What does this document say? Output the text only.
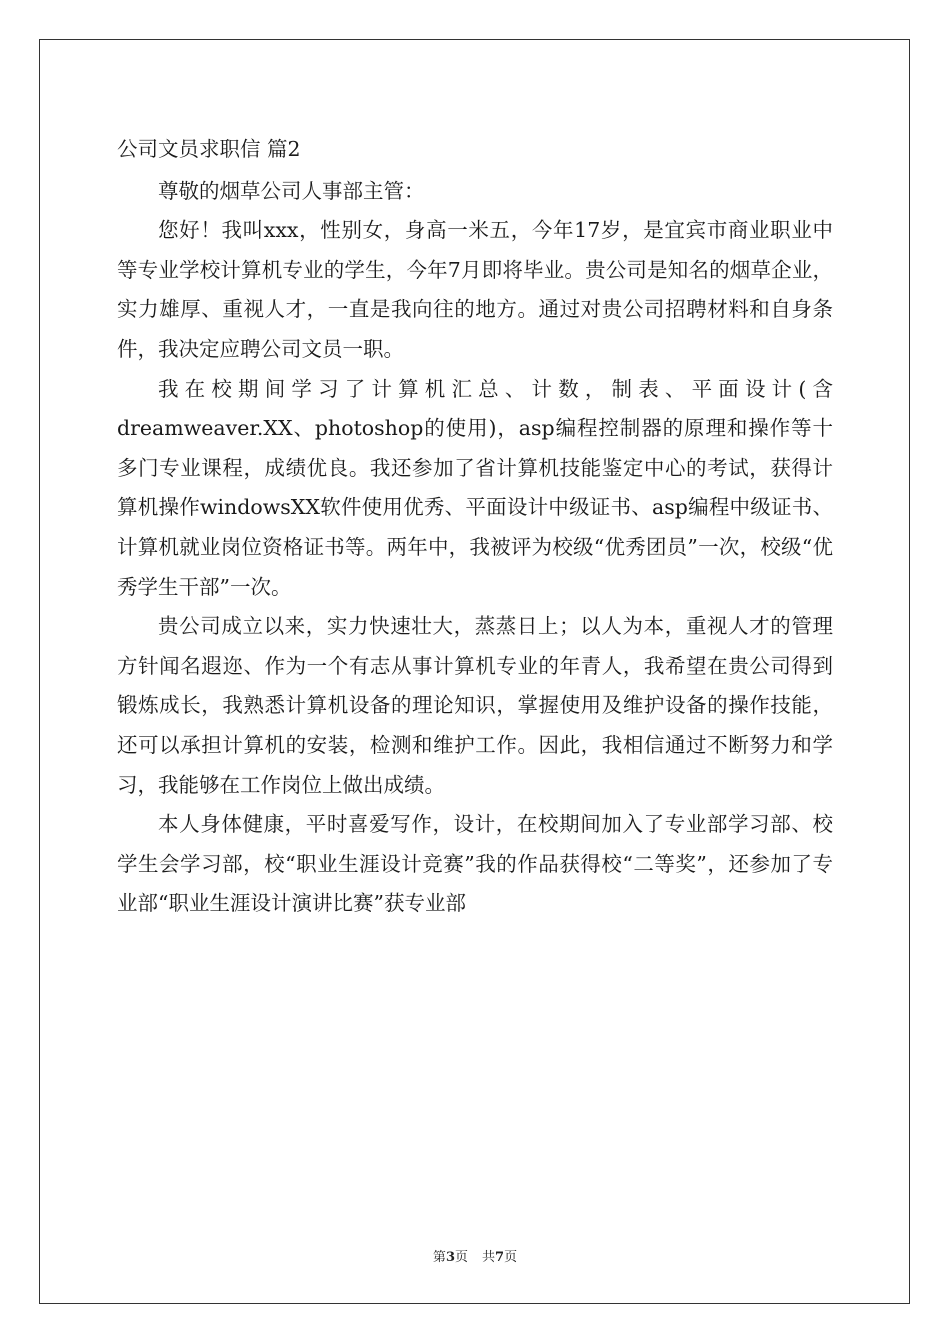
公司文员求职信 篇2

尊敬的烟草公司人事部主管：

您好！我叫xxx，性别女，身高一米五，今年17岁，是宜宾市商业职业中等专业学校计算机专业的学生，今年7月即将毕业。贵公司是知名的烟草企业，实力雄厚、重视人才，一直是我向往的地方。通过对贵公司招聘材料和自身条件，我决定应聘公司文员一职。

我在校期间学习了计算机汇总、计数，制表、平面设计(含dreamweaver.XX、photoshop的使用)，asp编程控制器的原理和操作等十多门专业课程，成绩优良。我还参加了省计算机技能鉴定中心的考试，获得计算机操作windowsXX软件使用优秀、平面设计中级证书、asp编程中级证书、计算机就业岗位资格证书等。两年中，我被评为校级“优秀团员”一次，校级“优秀学生干部”一次。

贵公司成立以来，实力快速壮大，蒸蒸日上；以人为本，重视人才的管理方针闻名遐迩、作为一个有志从事计算机专业的年青人，我希望在贵公司得到锻炼成长，我熟悉计算机设备的理论知识，掌握使用及维护设备的操作技能，还可以承担计算机的安装，检测和维护工作。因此，我相信通过不断努力和学习，我能够在工作岗位上做出成绩。

本人身体健康，平时喜爱写作，设计，在校期间加入了专业部学习部、校学生会学习部，校“职业生涯设计竞赛”我的作品获得校“二等奖”，还参加了专业部“职业生涯设计演讲比赛”获专业部

第3页 共7页
